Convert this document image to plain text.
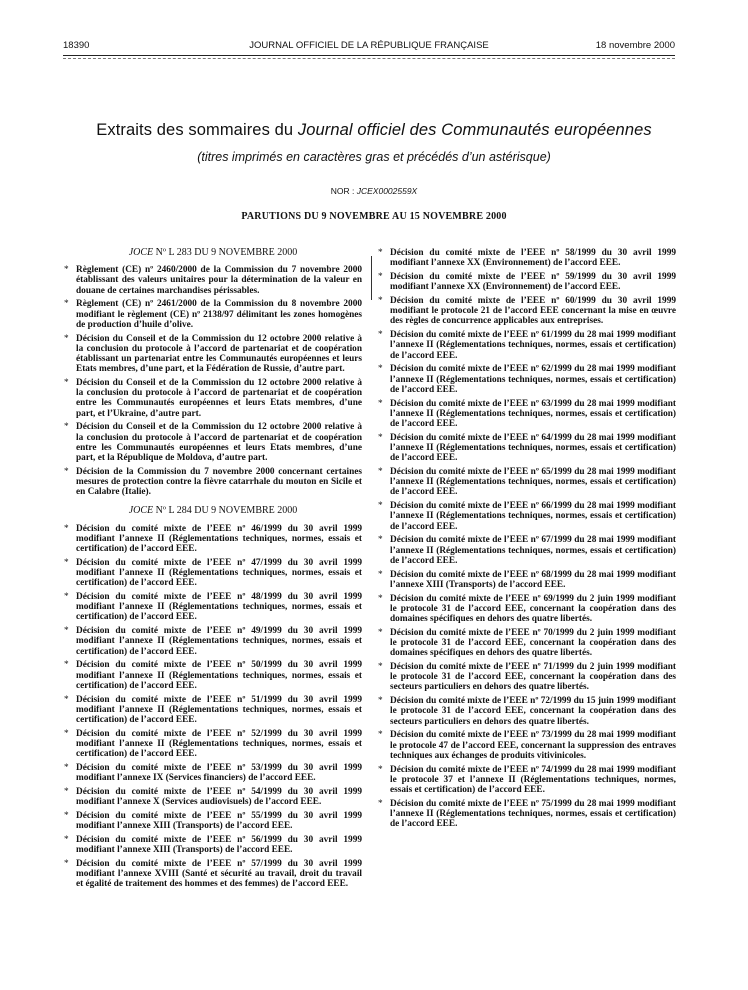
18390	JOURNAL OFFICIEL DE LA RÉPUBLIQUE FRANÇAISE	18 novembre 2000
Extraits des sommaires du Journal officiel des Communautés européennes
(titres imprimés en caractères gras et précédés d’un astérisque)
NOR : JCEX0002559X
PARUTIONS DU 9 NOVEMBRE AU 15 NOVEMBRE 2000
JOCE Nº L 283 DU 9 NOVEMBRE 2000
* Règlement (CE) nº 2460/2000 de la Commission du 7 novembre 2000 établissant des valeurs unitaires pour la détermination de la valeur en douane de certaines marchandises périssables.
* Règlement (CE) nº 2461/2000 de la Commission du 8 novembre 2000 modifiant le règlement (CE) nº 2138/97 délimitant les zones homogènes de production d’huile d’olive.
* Décision du Conseil et de la Commission du 12 octobre 2000 relative à la conclusion du protocole à l’accord de partenariat et de coopération établissant un partenariat entre les Communautés européennes et leurs Etats membres, d’une part, et la Fédération de Russie, d’autre part.
* Décision du Conseil et de la Commission du 12 octobre 2000 relative à la conclusion du protocole à l’accord de partenariat et de coopération entre les Communautés européennes et leurs Etats membres, d’une part, et l’Ukraine, d’autre part.
* Décision du Conseil et de la Commission du 12 octobre 2000 relative à la conclusion du protocole à l’accord de partenariat et de coopération entre les Communautés européennes et leurs Etats membres, d’une part, et la République de Moldova, d’autre part.
* Décision de la Commission du 7 novembre 2000 concernant certaines mesures de protection contre la fièvre catarrhale du mouton en Sicile et en Calabre (Italie).
JOCE Nº L 284 DU 9 NOVEMBRE 2000
* Décision du comité mixte de l’EEE nº 46/1999 du 30 avril 1999 modifiant l’annexe II (Réglementations techniques, normes, essais et certification) de l’accord EEE.
* Décision du comité mixte de l’EEE nº 47/1999 du 30 avril 1999 modifiant l’annexe II (Réglementations techniques, normes, essais et certification) de l’accord EEE.
* Décision du comité mixte de l’EEE nº 48/1999 du 30 avril 1999 modifiant l’annexe II (Réglementations techniques, normes, essais et certification) de l’accord EEE.
* Décision du comité mixte de l’EEE nº 49/1999 du 30 avril 1999 modifiant l’annexe II (Réglementations techniques, normes, essais et certification) de l’accord EEE.
* Décision du comité mixte de l’EEE nº 50/1999 du 30 avril 1999 modifiant l’annexe II (Réglementations techniques, normes, essais et certification) de l’accord EEE.
* Décision du comité mixte de l’EEE nº 51/1999 du 30 avril 1999 modifiant l’annexe II (Réglementations techniques, normes, essais et certification) de l’accord EEE.
* Décision du comité mixte de l’EEE nº 52/1999 du 30 avril 1999 modifiant l’annexe II (Réglementations techniques, normes, essais et certification) de l’accord EEE.
* Décision du comité mixte de l’EEE nº 53/1999 du 30 avril 1999 modifiant l’annexe IX (Services financiers) de l’accord EEE.
* Décision du comité mixte de l’EEE nº 54/1999 du 30 avril 1999 modifiant l’annexe X (Services audiovisuels) de l’accord EEE.
* Décision du comité mixte de l’EEE nº 55/1999 du 30 avril 1999 modifiant l’annexe XIII (Transports) de l’accord EEE.
* Décision du comité mixte de l’EEE nº 56/1999 du 30 avril 1999 modifiant l’annexe XIII (Transports) de l’accord EEE.
* Décision du comité mixte de l’EEE nº 57/1999 du 30 avril 1999 modifiant l’annexe XVIII (Santé et sécurité au travail, droit du travail et égalité de traitement des hommes et des femmes) de l’accord EEE.
* Décision du comité mixte de l’EEE nº 58/1999 du 30 avril 1999 modifiant l’annexe XX (Environnement) de l’accord EEE.
* Décision du comité mixte de l’EEE nº 59/1999 du 30 avril 1999 modifiant l’annexe XX (Environnement) de l’accord EEE.
* Décision du comité mixte de l’EEE nº 60/1999 du 30 avril 1999 modifiant le protocole 21 de l’accord EEE concernant la mise en œuvre des règles de concurrence applicables aux entreprises.
* Décision du comité mixte de l’EEE nº 61/1999 du 28 mai 1999 modifiant l’annexe II (Réglementations techniques, normes, essais et certification) de l’accord EEE.
* Décision du comité mixte de l’EEE nº 62/1999 du 28 mai 1999 modifiant l’annexe II (Réglementations techniques, normes, essais et certification) de l’accord EEE.
* Décision du comité mixte de l’EEE nº 63/1999 du 28 mai 1999 modifiant l’annexe II (Réglementations techniques, normes, essais et certification) de l’accord EEE.
* Décision du comité mixte de l’EEE nº 64/1999 du 28 mai 1999 modifiant l’annexe II (Réglementations techniques, normes, essais et certification) de l’accord EEE.
* Décision du comité mixte de l’EEE nº 65/1999 du 28 mai 1999 modifiant l’annexe II (Réglementations techniques, normes, essais et certification) de l’accord EEE.
* Décision du comité mixte de l’EEE nº 66/1999 du 28 mai 1999 modifiant l’annexe II (Réglementations techniques, normes, essais et certification) de l’accord EEE.
* Décision du comité mixte de l’EEE nº 67/1999 du 28 mai 1999 modifiant l’annexe II (Réglementations techniques, normes, essais et certification) de l’accord EEE.
* Décision du comité mixte de l’EEE nº 68/1999 du 28 mai 1999 modifiant l’annexe XIII (Transports) de l’accord EEE.
* Décision du comité mixte de l’EEE nº 69/1999 du 2 juin 1999 modifiant le protocole 31 de l’accord EEE, concernant la coopération dans des domaines spécifiques en dehors des quatre libertés.
* Décision du comité mixte de l’EEE nº 70/1999 du 2 juin 1999 modifiant le protocole 31 de l’accord EEE, concernant la coopération dans des domaines spécifiques en dehors des quatre libertés.
* Décision du comité mixte de l’EEE nº 71/1999 du 2 juin 1999 modifiant le protocole 31 de l’accord EEE, concernant la coopération dans des secteurs particuliers en dehors des quatre libertés.
* Décision du comité mixte de l’EEE nº 72/1999 du 15 juin 1999 modifiant le protocole 31 de l’accord EEE, concernant la coopération dans des secteurs particuliers en dehors des quatre libertés.
* Décision du comité mixte de l’EEE nº 73/1999 du 28 mai 1999 modifiant le protocole 47 de l’accord EEE, concernant la suppression des entraves techniques aux échanges de produits vitivinicoles.
* Décision du comité mixte de l’EEE nº 74/1999 du 28 mai 1999 modifiant le protocole 37 et l’annexe II (Réglementations techniques, normes, essais et certification) de l’accord EEE.
* Décision du comité mixte de l’EEE nº 75/1999 du 28 mai 1999 modifiant l’annexe II (Réglementations techniques, normes, essais et certification) de l’accord EEE.
